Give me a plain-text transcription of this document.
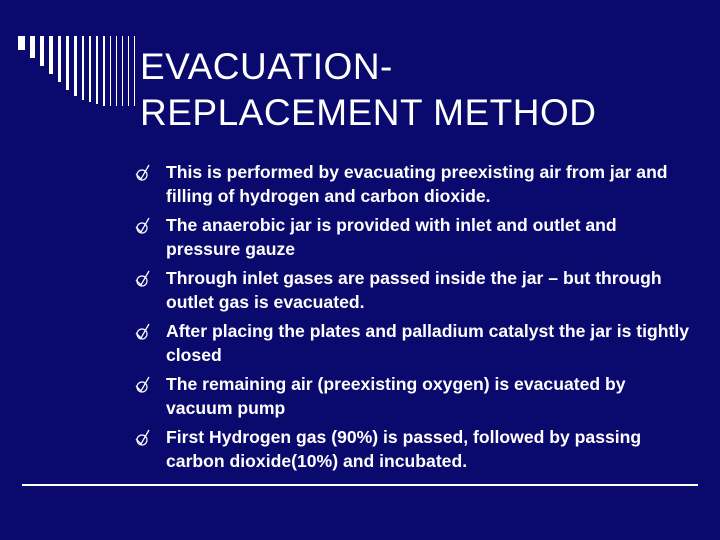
EVACUATION-
REPLACEMENT METHOD
This is performed by evacuating preexisting air from jar and filling of hydrogen and carbon dioxide.
The anaerobic jar is provided with inlet and outlet and pressure gauze
Through inlet gases are passed inside the jar – but through outlet gas is evacuated.
After placing the plates and palladium catalyst the jar is tightly closed
The remaining air (preexisting oxygen) is evacuated by vacuum pump
First Hydrogen gas (90%) is passed, followed by passing carbon dioxide(10%) and incubated.
